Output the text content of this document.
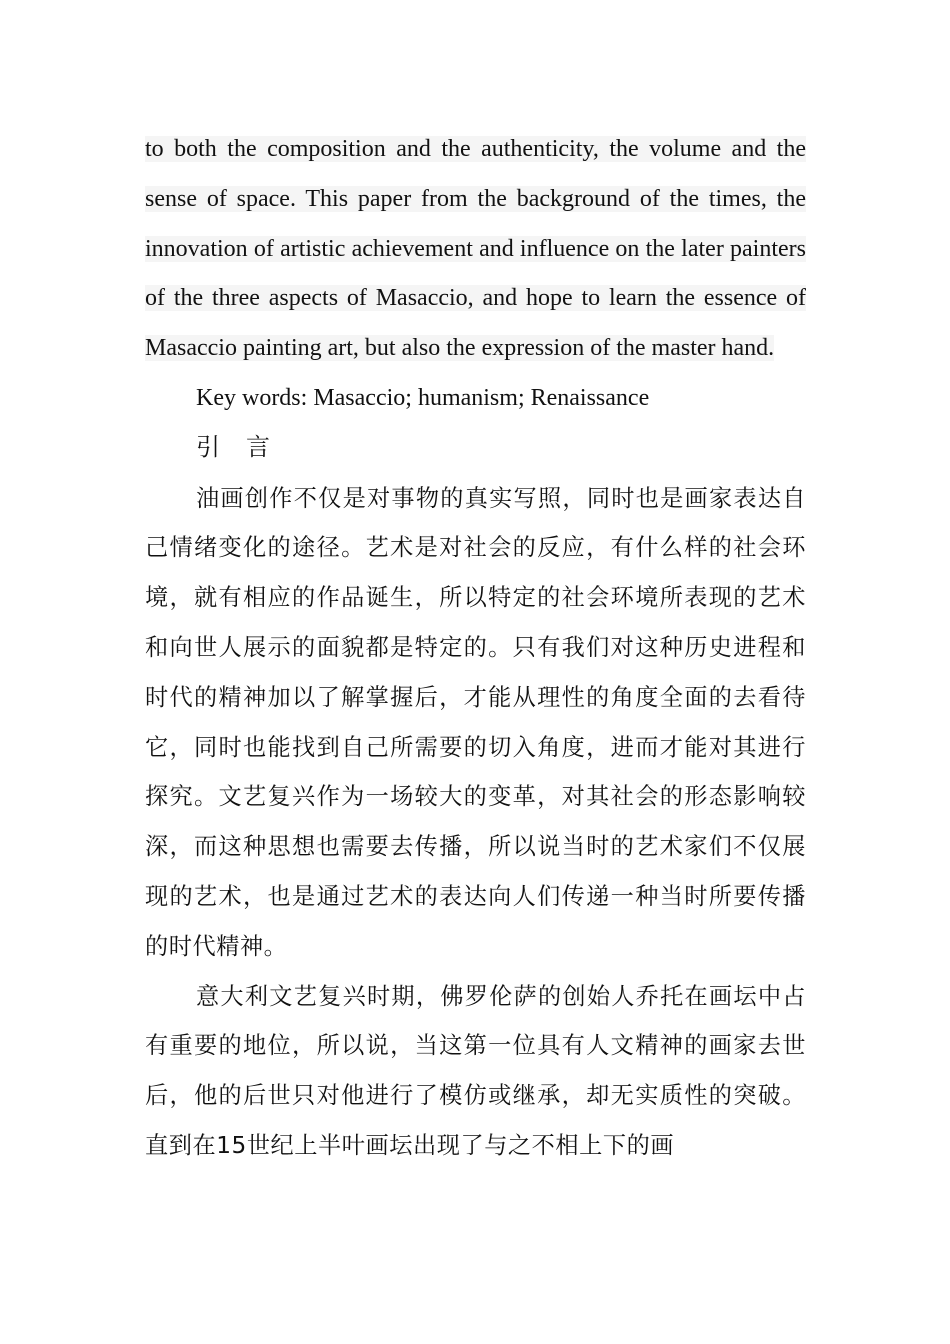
to both the composition and the authenticity, the volume and the sense of space. This paper from the background of the times, the innovation of artistic achievement and influence on the later painters of the three aspects of Masaccio, and hope to learn the essence of Masaccio painting art, but also the expression of the master hand.

Key words: Masaccio; humanism; Renaissance

引 言

油画创作不仅是对事物的真实写照，同时也是画家表达自己情绪变化的途径。艺术是对社会的反应，有什么样的社会环境，就有相应的作品诞生，所以特定的社会环境所表现的艺术和向世人展示的面貌都是特定的。只有我们对这种历史进程和时代的精神加以了解掌握后，才能从理性的角度全面的去看待它，同时也能找到自己所需要的切入角度，进而才能对其进行探究。文艺复兴作为一场较大的变革，对其社会的形态影响较深，而这种思想也需要去传播，所以说当时的艺术家们不仅展现的艺术，也是通过艺术的表达向人们传递一种当时所要传播的时代精神。

意大利文艺复兴时期，佛罗伦萨的创始人乔托在画坛中占有重要的地位，所以说，当这第一位具有人文精神的画家去世后，他的后世只对他进行了模仿或继承，却无实质性的突破。直到在15世纪上半叶画坛出现了与之不相上下的画
